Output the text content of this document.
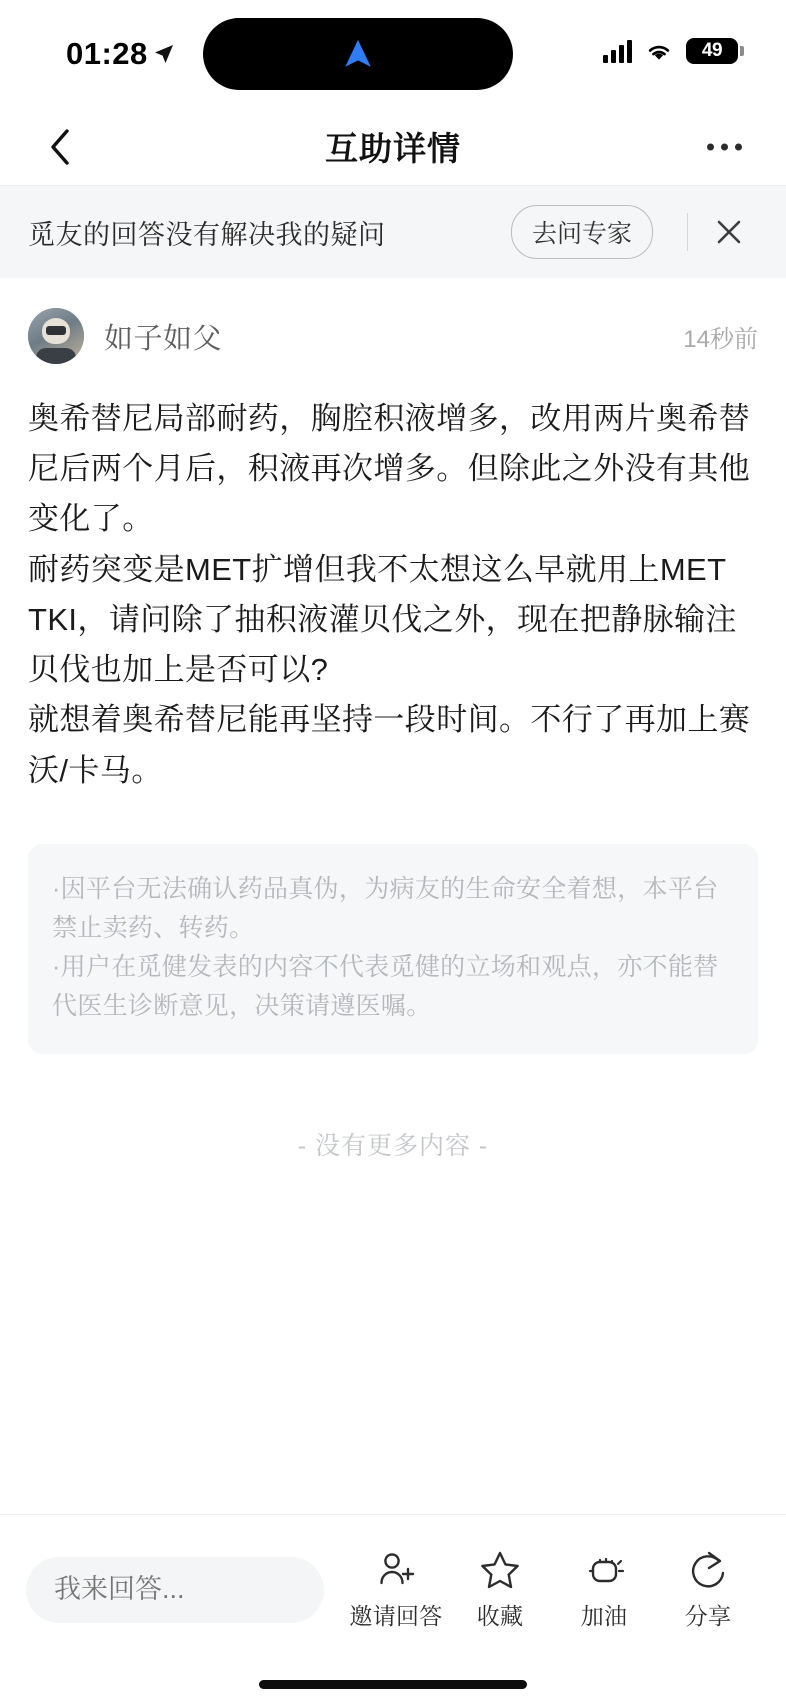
01:28	49
互助详情
觅友的回答没有解决我的疑问	去问专家
如子如父	14秒前

奥希替尼局部耐药，胸腔积液增多，改用两片奥希替尼后两个月后，积液再次增多。但除此之外没有其他变化了。

耐药突变是MET扩增但我不太想这么早就用上MET TKI，请问除了抽积液灌贝伐之外，现在把静脉输注贝伐也加上是否可以?

就想着奥希替尼能再坚持一段时间。不行了再加上赛沃/卡马。

·因平台无法确认药品真伪，为病友的生命安全着想，本平台禁止卖药、转药。

·用户在觅健发表的内容不代表觅健的立场和观点，亦不能替代医生诊断意见，决策请遵医嘱。

- 没有更多内容 -
我来回答...
邀请回答 收藏 加油 分享
